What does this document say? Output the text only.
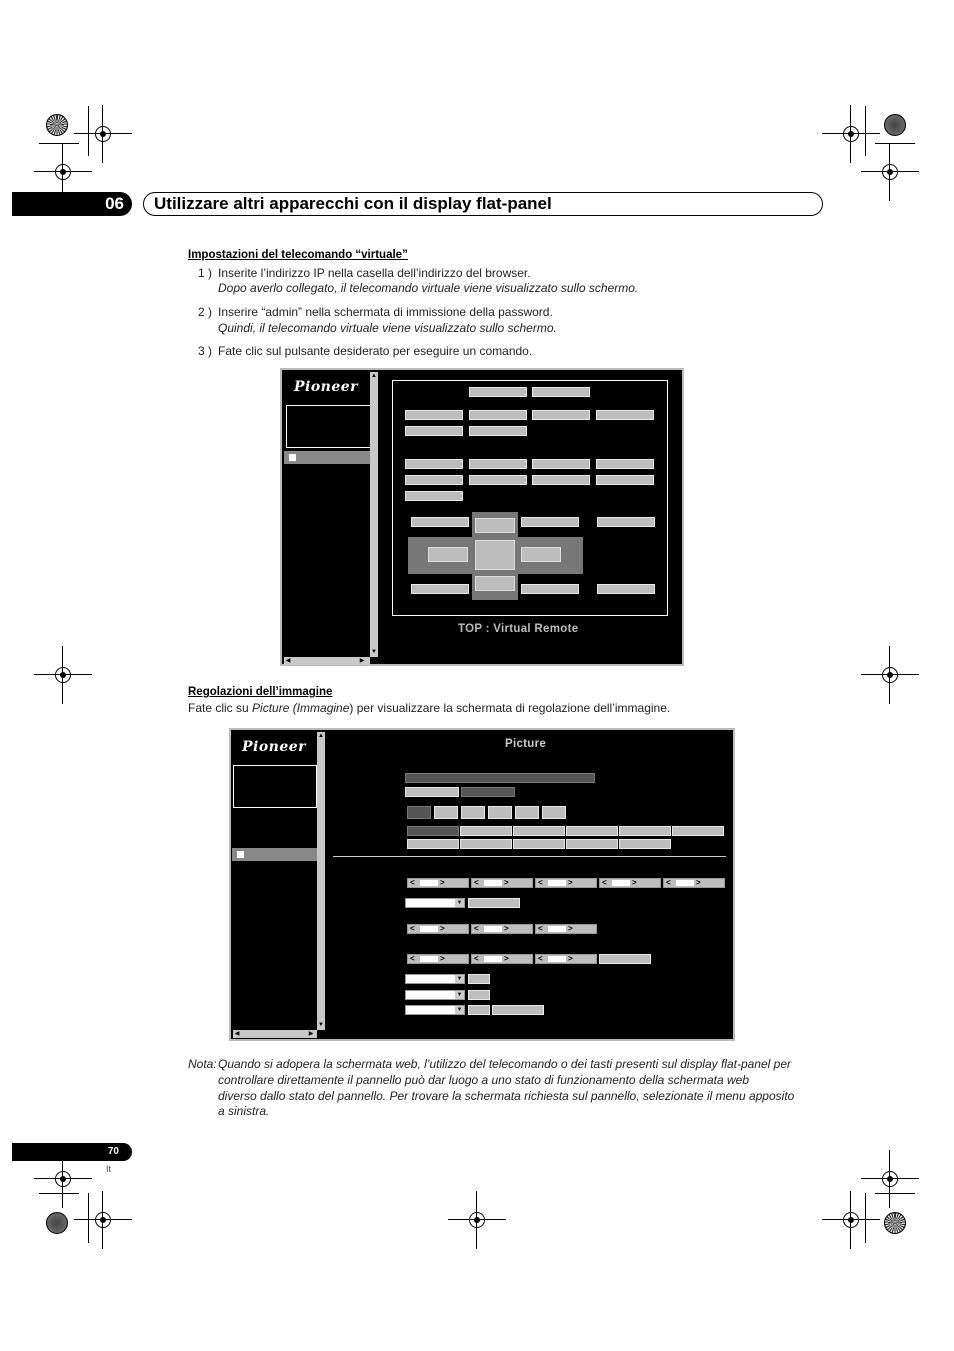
06	Utilizzare altri apparecchi con il display flat-panel
Impostazioni del telecomando “virtuale”
1 ) Inserite l’indirizzo IP nella casella dell’indirizzo del browser.
Dopo averlo collegato, il telecomando virtuale viene visualizzato sullo schermo.
2 ) Inserire “admin” nella schermata di immissione della password.
Quindi, il telecomando virtuale viene visualizzato sullo schermo.
3 ) Fate clic sul pulsante desiderato per eseguire un comando.
Pioneer
▲
▼
◀	▶
TOP : Virtual Remote
Regolazioni dell’immagine
Fate clic su Picture (Immagine) per visualizzare la schermata di regolazione dell’immagine.
Pioneer
▲
▼
◀	▶
Picture
<	>	<	>	<	>	<	>	<	>
▼
<	>	<	>	<	>
<	>	<	>	<	>
▼
▼
▼
Nota: Quando si adopera la schermata web, l’utilizzo del telecomando o dei tasti presenti sul display flat-panel per
controllare direttamente il pannello può dar luogo a uno stato di funzionamento della schermata web
diverso dallo stato del pannello. Per trovare la schermata richiesta sul pannello, selezionate il menu apposito
a sinistra.
70
It
